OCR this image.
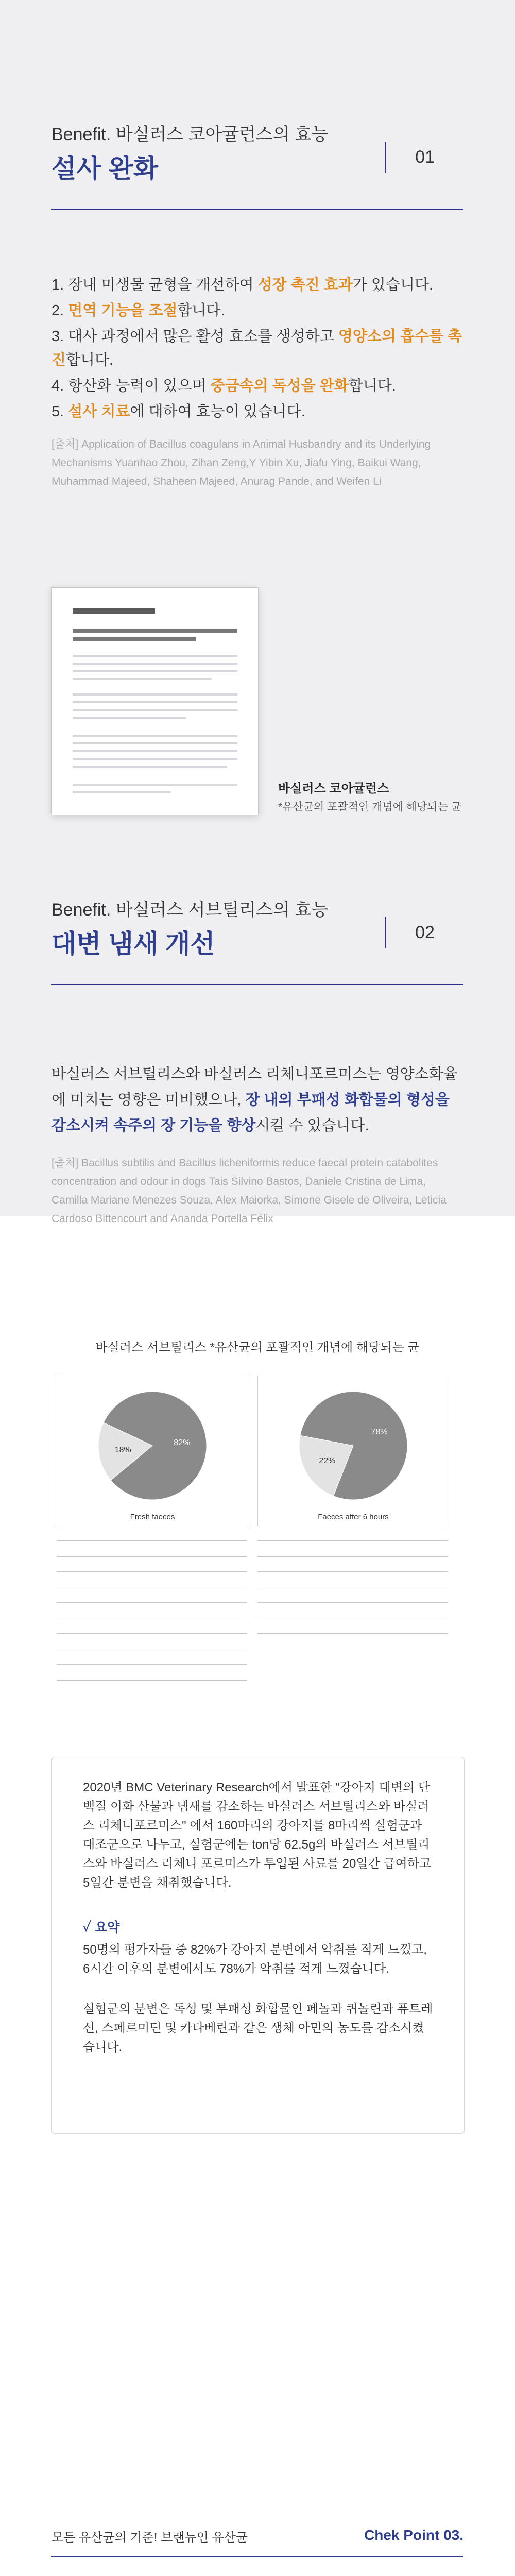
Benefit. 바실러스 코아귤런스의 효능
설사 완화	01

1. 장내 미생물 균형을 개선하여 성장 촉진 효과가 있습니다.

2. 면역 기능을 조절합니다.

3. 대사 과정에서 많은 활성 효소를 생성하고 영양소의 흡수를 촉진합니다.

4. 항산화 능력이 있으며 중금속의 독성을 완화합니다.

5. 설사 치료에 대하여 효능이 있습니다.

[출처] Application of Bacillus coagulans in Animal Husbandry and its Underlying Mechanisms Yuanhao Zhou, Zihan Zeng,Y Yibin Xu, Jiafu Ying, Baikui Wang, Muhammad Majeed, Shaheen Majeed, Anurag Pande, and Weifen Li
바실러스 코아귤런스
*유산균의 포괄적인 개념에 해당되는 균
Benefit. 바실러스 서브틸리스의 효능
대변 냄새 개선	02
바실러스 서브틸리스와 바실러스 리체니포르미스는 영양소화율에 미치는 영향은 미비했으나, 장 내의 부패성 화합물의 형성을 감소시켜 속주의 장 기능을 향상시킬 수 있습니다.
[출처] Bacillus subtilis and Bacillus licheniformis reduce faecal protein catabolites concentration and odour in dogs Tais Silvino Bastos, Daniele Cristina de Lima, Camilla Mariane Menezes Souza, Alex Maiorka, Simone Gisele de Oliveira, Leticia Cardoso Bittencourt and Ananda Portella Félix
바실러스 서브틸리스 *유산균의 포괄적인 개념에 해당되는 균
82%
18%
Fresh faeces
78%
22%
Faeces after 6 hours
2020년 BMC Veterinary Research에서 발표한 "강아지 대변의 단백질 이화 산물과 냄새를 감소하는 바실러스 서브틸리스와 바실러스 리체니포르미스" 에서 160마리의 강아지를 8마리씩 실험군과 대조군으로 나누고, 실험군에는 ton당 62.5g의 바실러스 서브틸리스와 바실러스 리체니 포르미스가 투입된 사료를 20일간 급여하고 5일간 분변을 채취했습니다.
✓ 요약
50명의 평가자들 중 82%가 강아지 분변에서 악취를 적게 느꼈고, 6시간 이후의 분변에서도 78%가 악취를 적게 느꼈습니다.
실험군의 분변은 독성 및 부패성 화합물인 페놀과 퀴놀린과 퓨트레신, 스페르미딘 및 카다베린과 같은 생체 아민의 농도를 감소시켰습니다.
모든 유산균의 기준! 브랜뉴인 유산균	Chek Point 03.
